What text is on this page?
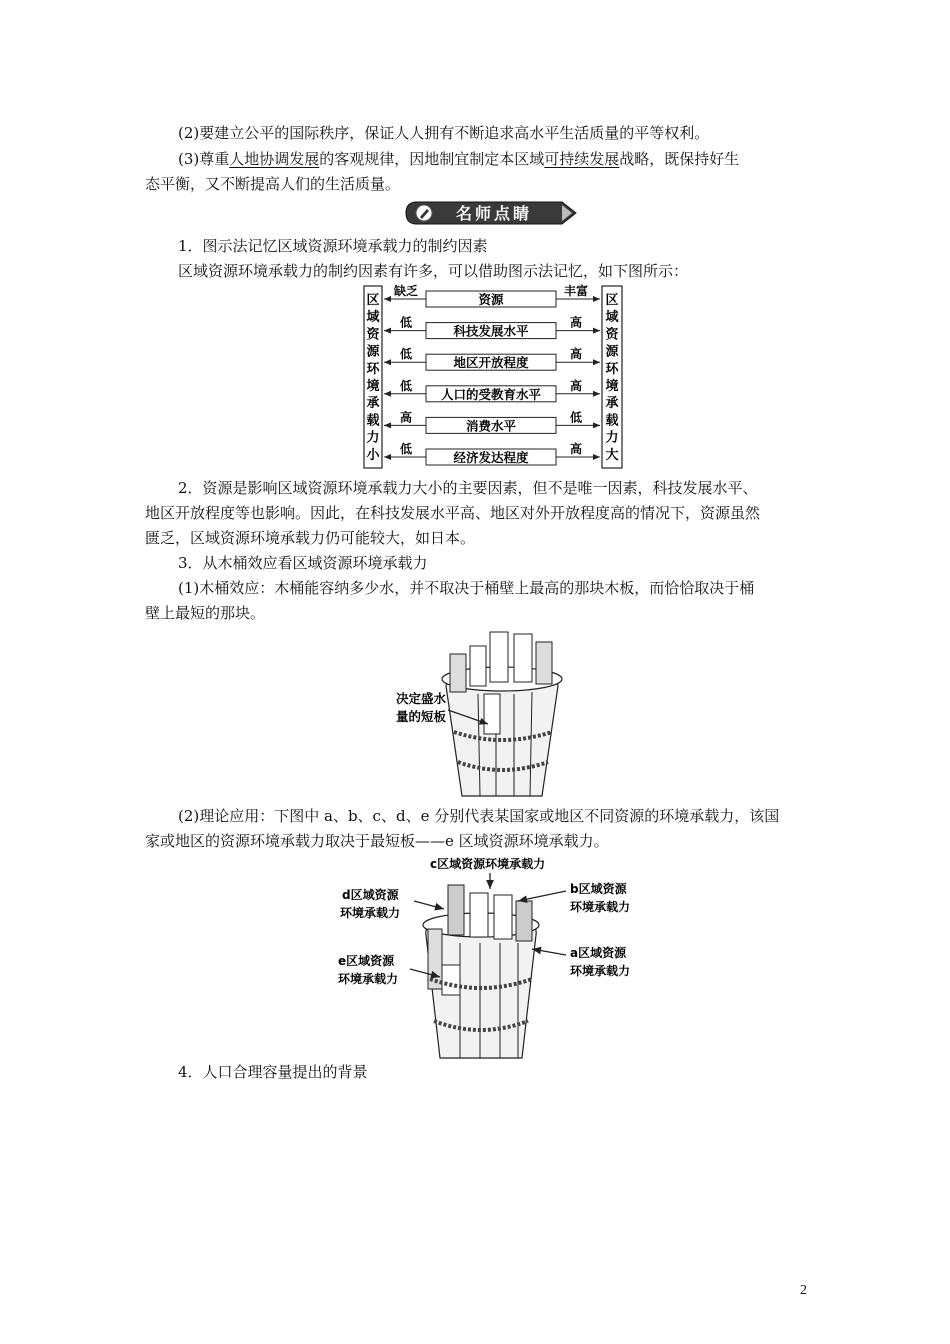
(2)要建立公平的国际秩序，保证人人拥有不断追求高水平生活质量的平等权利。
(3)尊重人地协调发展的客观规律，因地制宜制定本区域可持续发展战略，既保持好生
态平衡，又不断提高人们的生活质量。
名师点睛
1．图示法记忆区域资源环境承载力的制约因素
区域资源环境承载力的制约因素有许多，可以借助图示法记忆，如下图所示：
区
域
资
源
环
境
承
载
力
小
区
域
资
源
环
境
承
载
力
大
资源
缺乏	丰富
科技发展水平
低	高
地区开放程度
低	高
人口的受教育水平
低	高
消费水平
高	低
经济发达程度
低	高
2．资源是影响区域资源环境承载力大小的主要因素，但不是唯一因素，科技发展水平、
地区开放程度等也影响。因此，在科技发展水平高、地区对外开放程度高的情况下，资源虽然
匮乏，区域资源环境承载力仍可能较大，如日本。
3．从木桶效应看区域资源环境承载力
(1)木桶效应：木桶能容纳多少水，并不取决于桶壁上最高的那块木板，而恰恰取决于桶
壁上最短的那块。
决定盛水
量的短板
(2)理论应用：下图中 a、b、c、d、e 分别代表某国家或地区不同资源的环境承载力，该国
家或地区的资源环境承载力取决于最短板——e 区域资源环境承载力。
c区域资源环境承载力
d区域资源
环境承载力
b区域资源
环境承载力
e区域资源
环境承载力
a区域资源
环境承载力
4．人口合理容量提出的背景
2
